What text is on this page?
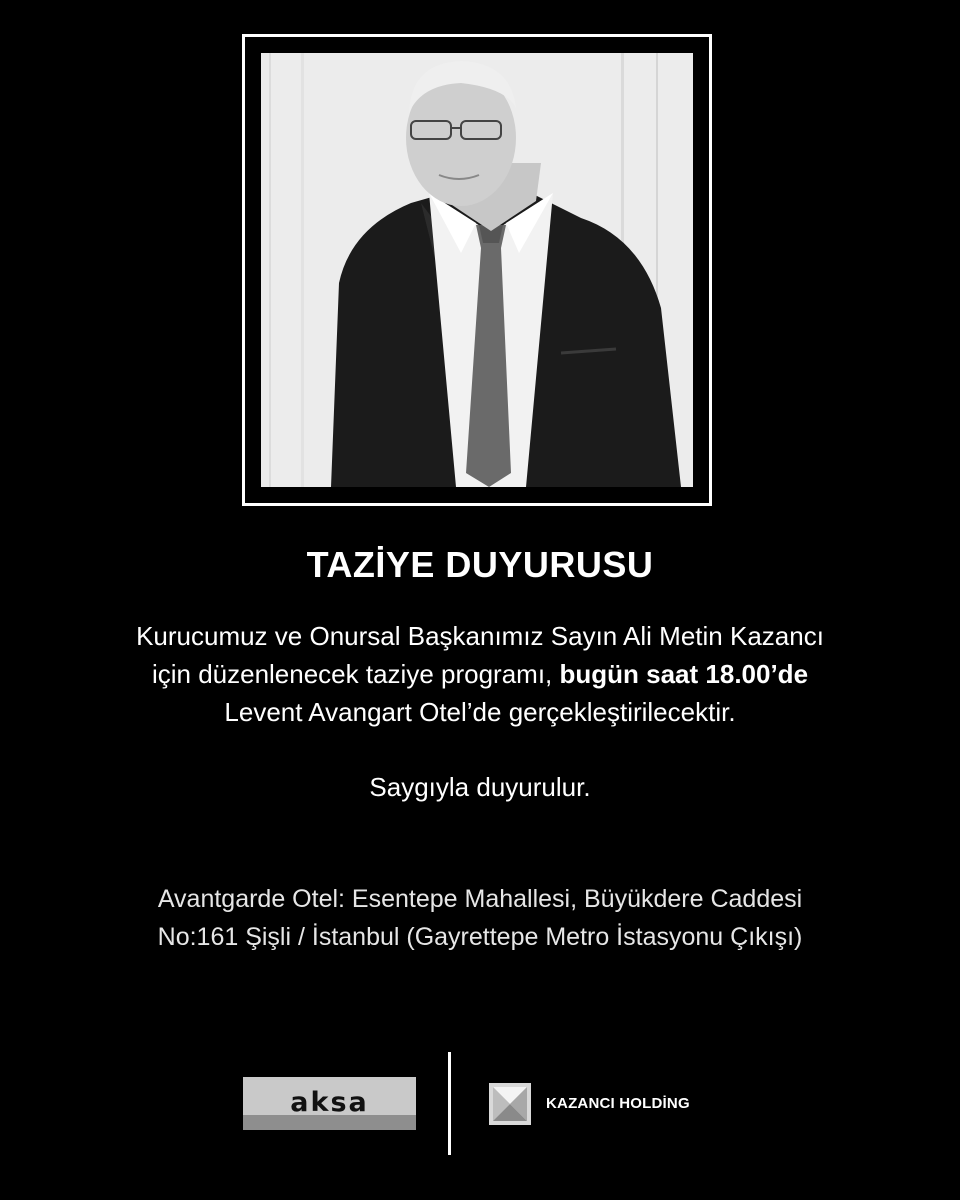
TAZİYE DUYURUSU
Kurucumuz ve Onursal Başkanımız Sayın Ali Metin Kazancı
için düzenlenecek taziye programı, bugün saat 18.00’de
Levent Avangart Otel’de gerçekleştirilecektir.
Saygıyla duyurulur.
Avantgarde Otel: Esentepe Mahallesi, Büyükdere Caddesi
No:161 Şişli / İstanbul (Gayrettepe Metro İstasyonu Çıkışı)
aksa	KAZANCI HOLDİNG
